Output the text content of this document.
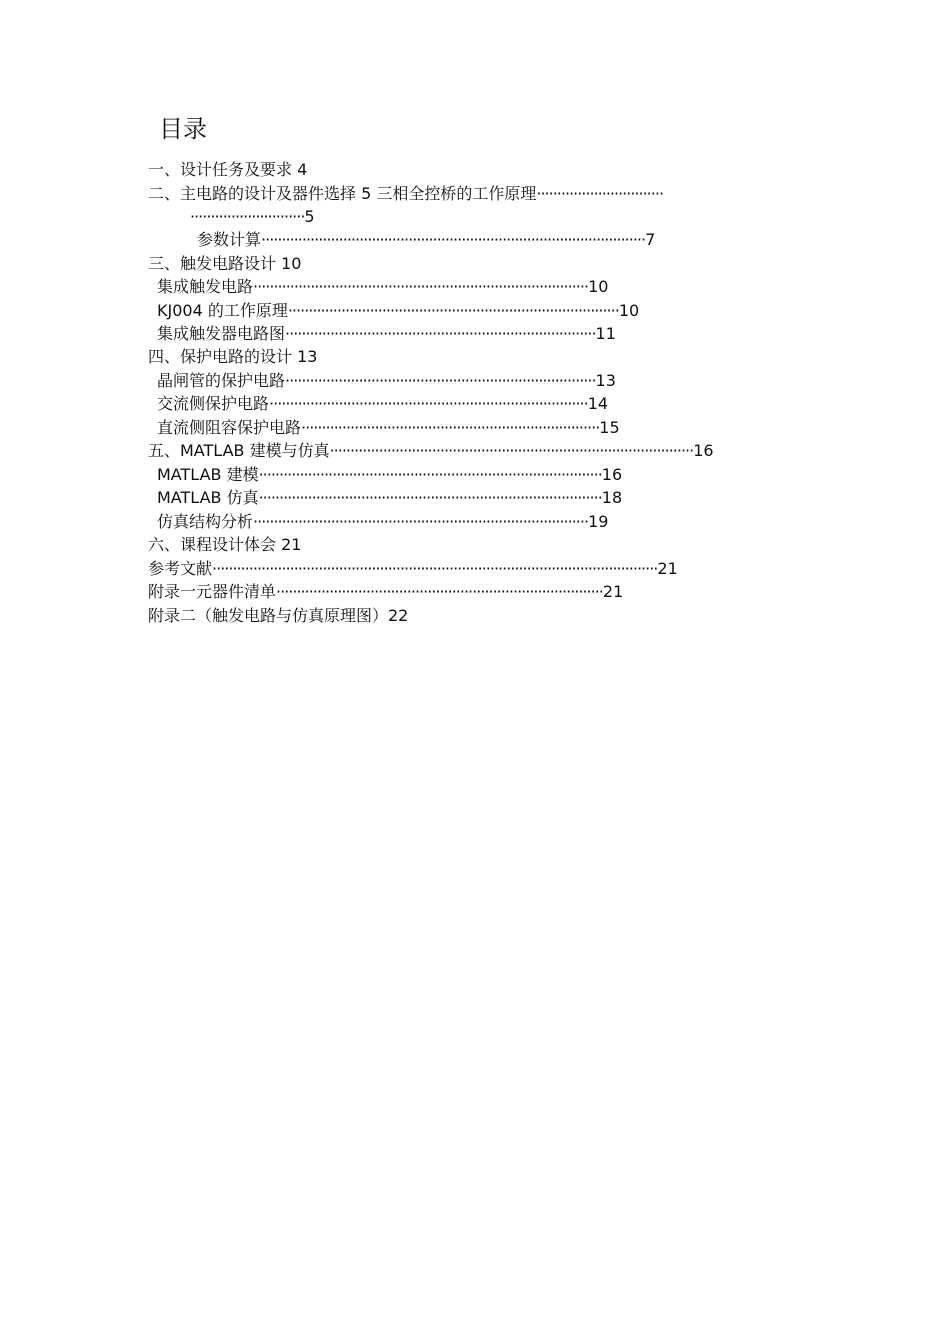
目录
一、设计任务及要求 4
二、主电路的设计及器件选择 5 三相全控桥的工作原理·······························
····························5
参数计算······························································································7
三、触发电路设计 10
集成触发电路··················································································10
KJ004 的工作原理·················································································10
集成触发器电路图············································································11
四、保护电路的设计 13
晶闸管的保护电路············································································13
交流侧保护电路··············································································14
直流侧阻容保护电路·········································································15
五、MATLAB 建模与仿真·························································································16
MATLAB 建模····················································································16
MATLAB 仿真····················································································18
仿真结构分析··················································································19
六、课程设计体会 21
参考文献·············································································································21
附录一元器件清单················································································21
附录二（触发电路与仿真原理图）22
